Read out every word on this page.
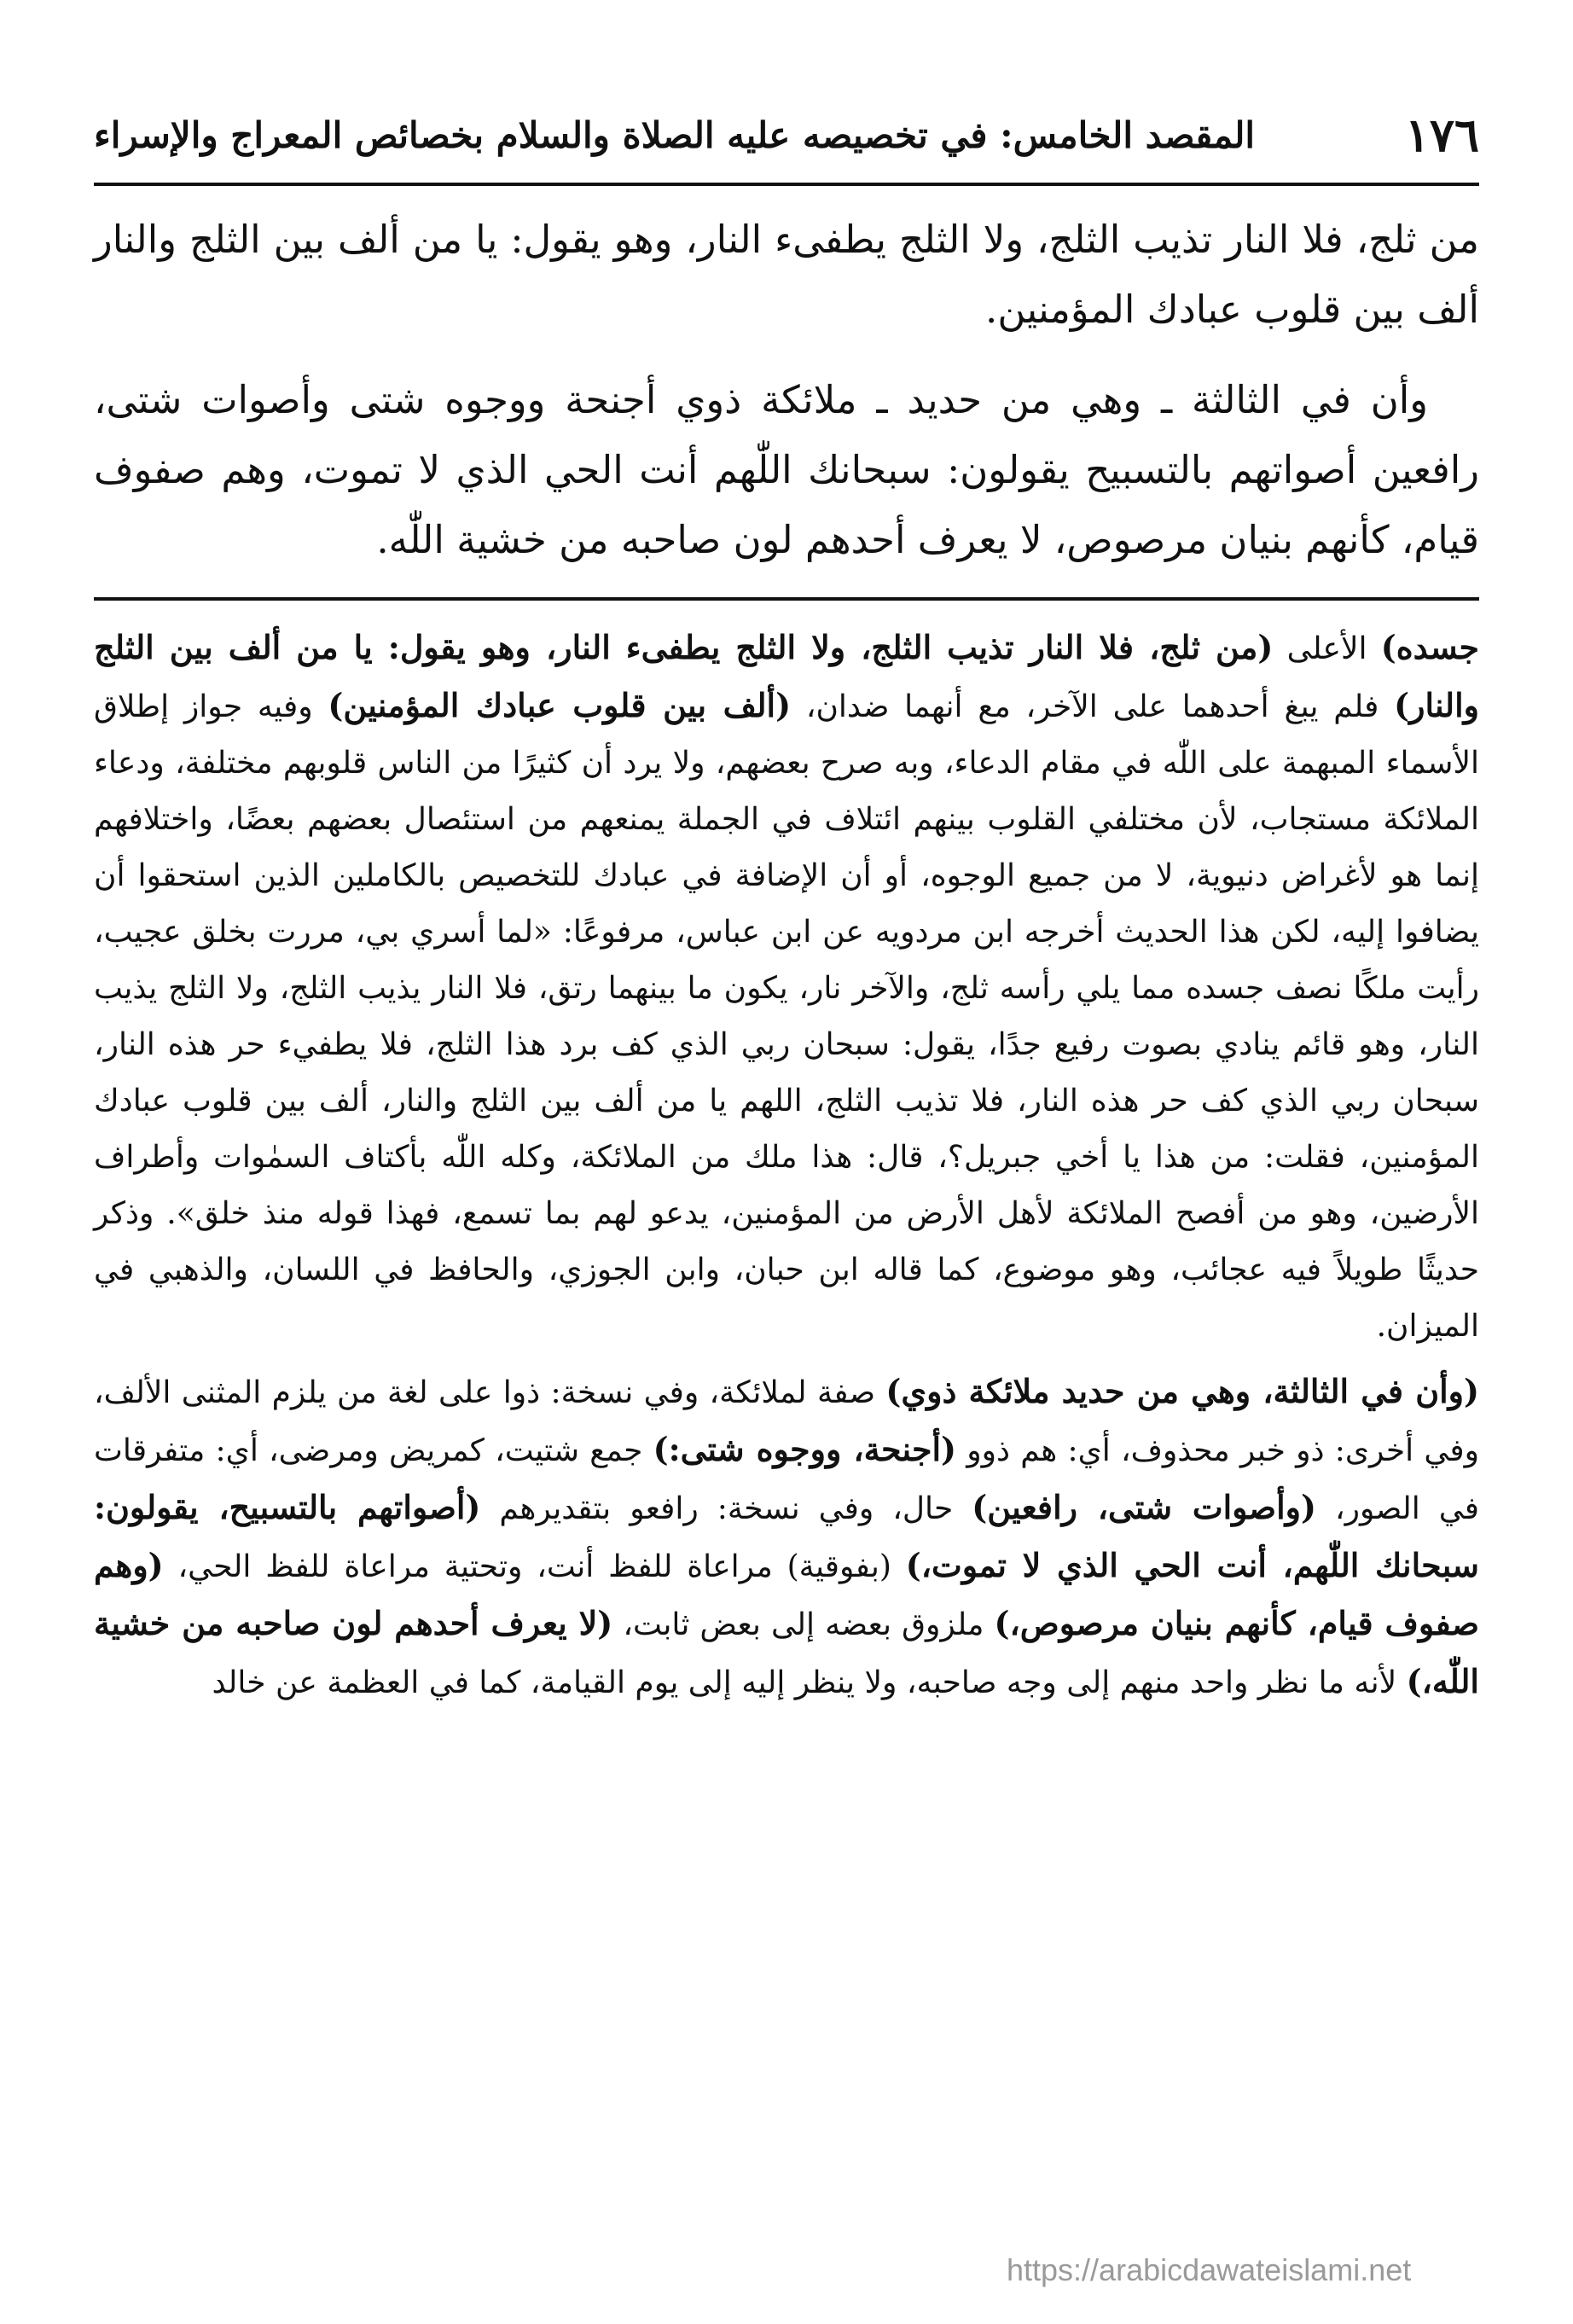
١٧٦
المقصد الخامس: في تخصيصه عليه الصلاة والسلام بخصائص المعراج والإسراء

من ثلج، فلا النار تذيب الثلج، ولا الثلج يطفىء النار، وهو يقول: يا من ألف بين الثلج والنار ألف بين قلوب عبادك المؤمنين.

وأن في الثالثة ـ وهي من حديد ـ ملائكة ذوي أجنحة ووجوه شتى وأصوات شتى، رافعين أصواتهم بالتسبيح يقولون: سبحانك اللّٰهم أنت الحي الذي لا تموت، وهم صفوف قيام، كأنهم بنيان مرصوص، لا يعرف أحدهم لون صاحبه من خشية اللّٰه.

جسده) الأعلى (من ثلج، فلا النار تذيب الثلج، ولا الثلج يطفىء النار، وهو يقول: يا من ألف بين الثلج والنار) فلم يبغ أحدهما على الآخر، مع أنهما ضدان، (ألف بين قلوب عبادك المؤمنين) وفيه جواز إطلاق الأسماء المبهمة على اللّٰه في مقام الدعاء، وبه صرح بعضهم، ولا يرد أن كثيرًا من الناس قلوبهم مختلفة، ودعاء الملائكة مستجاب، لأن مختلفي القلوب بينهم ائتلاف في الجملة يمنعهم من استئصال بعضهم بعضًا، واختلافهم إنما هو لأغراض دنيوية، لا من جميع الوجوه، أو أن الإضافة في عبادك للتخصيص بالكاملين الذين استحقوا أن يضافوا إليه، لكن هذا الحديث أخرجه ابن مردويه عن ابن عباس، مرفوعًا: «لما أسري بي، مررت بخلق عجيب، رأيت ملكًا نصف جسده مما يلي رأسه ثلج، والآخر نار، يكون ما بينهما رتق، فلا النار يذيب الثلج، ولا الثلج يذيب النار، وهو قائم ينادي بصوت رفيع جدًا، يقول: سبحان ربي الذي كف برد هذا الثلج، فلا يطفيء حر هذه النار، سبحان ربي الذي كف حر هذه النار، فلا تذيب الثلج، اللهم يا من ألف بين الثلج والنار، ألف بين قلوب عبادك المؤمنين، فقلت: من هذا يا أخي جبريل؟، قال: هذا ملك من الملائكة، وكله اللّٰه بأكتاف السمٰوات وأطراف الأرضين، وهو من أفصح الملائكة لأهل الأرض من المؤمنين، يدعو لهم بما تسمع، فهذا قوله منذ خلق». وذكر حديثًا طويلاً فيه عجائب، وهو موضوع، كما قاله ابن حبان، وابن الجوزي، والحافظ في اللسان، والذهبي في الميزان.

(وأن في الثالثة، وهي من حديد ملائكة ذوي) صفة لملائكة، وفي نسخة: ذوا على لغة من يلزم المثنى الألف، وفي أخرى: ذو خبر محذوف، أي: هم ذوو (أجنحة، ووجوه شتى:) جمع شتيت، كمريض ومرضى، أي: متفرقات في الصور، (وأصوات شتى، رافعين) حال، وفي نسخة: رافعو بتقديرهم (أصواتهم بالتسبيح، يقولون: سبحانك اللّٰهم، أنت الحي الذي لا تموت،) (بفوقية) مراعاة للفظ أنت، وتحتية مراعاة للفظ الحي، (وهم صفوف قيام، كأنهم بنيان مرصوص،) ملزوق بعضه إلى بعض ثابت، (لا يعرف أحدهم لون صاحبه من خشية اللّٰه،) لأنه ما نظر واحد منهم إلى وجه صاحبه، ولا ينظر إليه إلى يوم القيامة، كما في العظمة عن خالد

https://arabicdawateislami.net
